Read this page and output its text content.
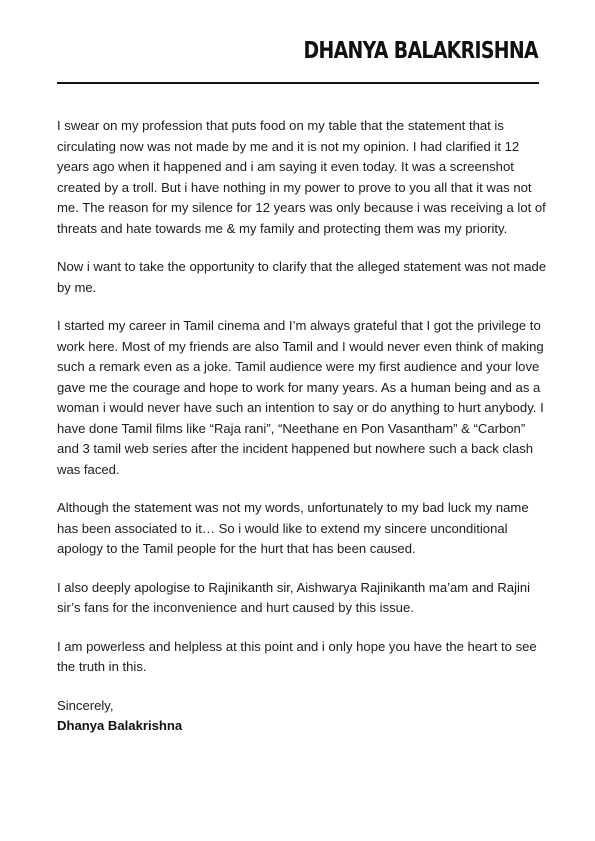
DHANYA BALAKRISHNA

I swear on my profession that puts food on my table that the statement that is circulating now was not made by me and it is not my opinion. I had clarified it 12 years ago when it happened and i am saying it even today. It was a screenshot created by a troll. But i have nothing in my power to prove to you all that it was not me. The reason for my silence for 12 years was only because i was receiving a lot of threats and hate towards me & my family and protecting them was my priority.

Now i want to take the opportunity to clarify that the alleged statement was not made by me.

I started my career in Tamil cinema and I’m always grateful that I got the privilege to work here. Most of my friends are also Tamil and I would never even think of making such a remark even as a joke. Tamil audience were my first audience and your love gave me the courage and hope to work for many years. As a human being and as a woman i would never have such an intention to say or do anything to hurt anybody. I have done Tamil films like “Raja rani”, “Neethane en Pon Vasantham” & “Carbon” and 3 tamil web series after the incident happened but nowhere such a back clash was faced.

Although the statement was not my words, unfortunately to my bad luck my name has been associated to it… So i would like to extend my sincere unconditional apology to the Tamil people for the hurt that has been caused.

I also deeply apologise to Rajinikanth sir, Aishwarya Rajinikanth ma’am and Rajini sir’s fans for the inconvenience and hurt caused by this issue.

I am powerless and helpless at this point and i only hope you have the heart to see the truth in this.

Sincerely,

Dhanya Balakrishna
